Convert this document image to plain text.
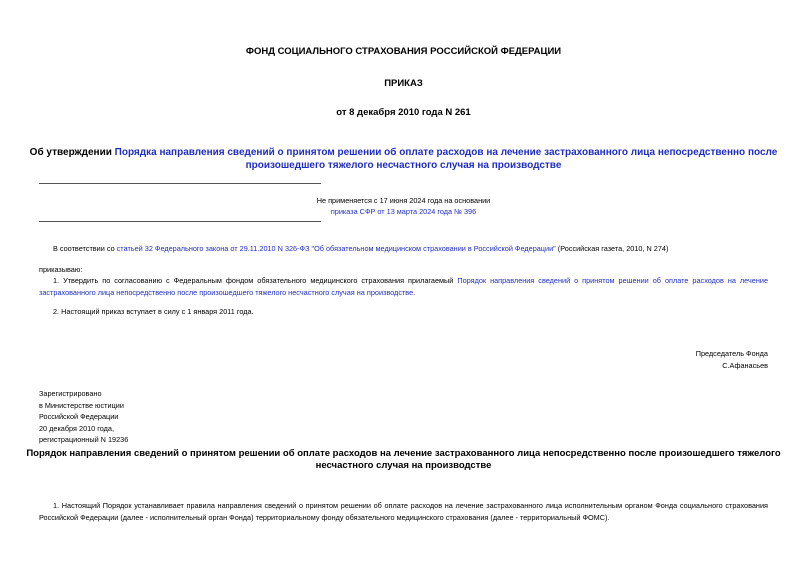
ФОНД СОЦИАЛЬНОГО СТРАХОВАНИЯ РОССИЙСКОЙ ФЕДЕРАЦИИ
ПРИКАЗ
от 8 декабря 2010 года N 261
Об утверждении Порядка направления сведений о принятом решении об оплате расходов на лечение застрахованного лица непосредственно после
произошедшего тяжелого несчастного случая на производстве
Не применяется с 17 июня 2024 года на основании
приказа СФР от 13 марта 2024 года № 396
В соответствии со статьей 32 Федерального закона от 29.11.2010 N 326-ФЗ "Об обязательном медицинском страховании в Российской Федерации" (Российская газета, 2010, N 274)
приказываю:
1. Утвердить по согласованию с Федеральным фондом обязательного медицинского страхования прилагаемый Порядок направления сведений о принятом решении об оплате расходов на лечение застрахованного лица непосредственно после произошедшего тяжелого несчастного случая на производстве.
2. Настоящий приказ вступает в силу с 1 января 2011 года.
Председатель Фонда
С.Афанасьев
Зарегистрировано
в Министерстве юстиции
Российской Федерации
20 декабря 2010 года,
регистрационный N 19236
Порядок направления сведений о принятом решении об оплате расходов на лечение застрахованного лица непосредственно после произошедшего тяжелого
несчастного случая на производстве
1. Настоящий Порядок устанавливает правила направления сведений о принятом решении об оплате расходов на лечение застрахованного лица исполнительным органом Фонда социального страхования Российской Федерации (далее - исполнительный орган Фонда) территориальному фонду обязательного медицинского страхования (далее - территориальный ФОМС).
